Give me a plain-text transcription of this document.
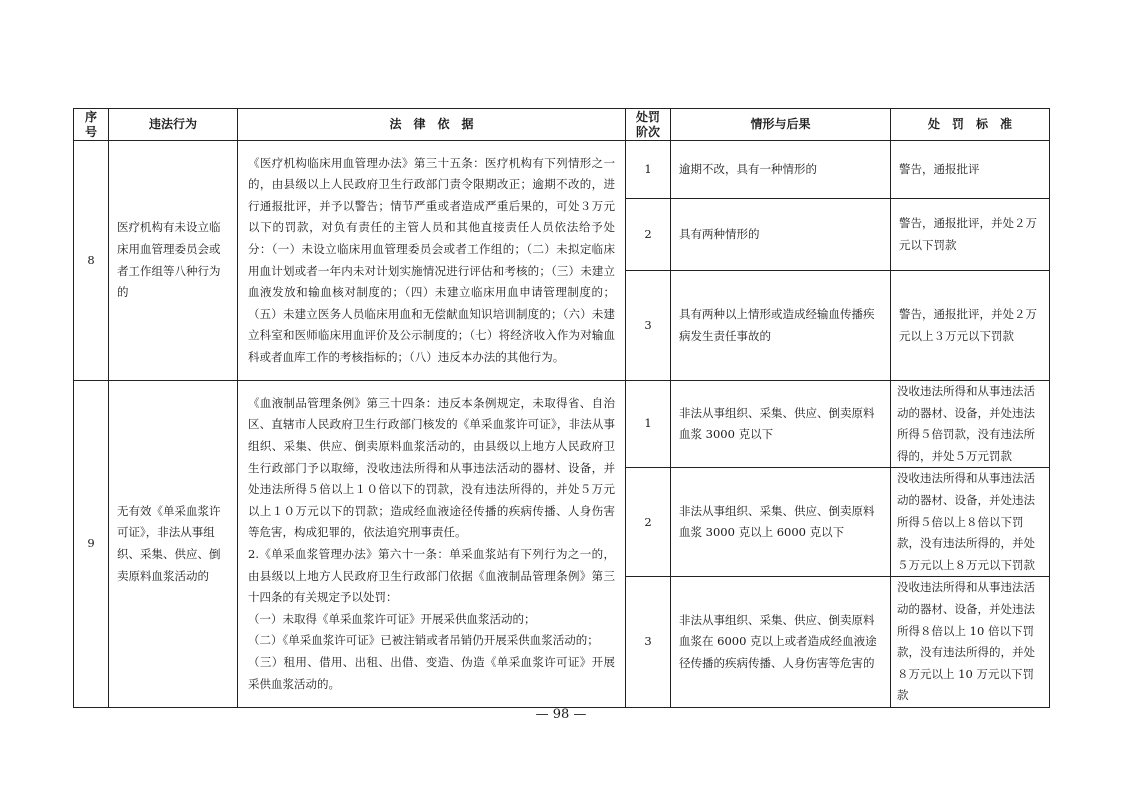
序号	违法行为	法　律　依　据	处罚阶次	情形与后果	处　罚　标　准
8	医疗机构有未设立临床用血管理委员会或者工作组等八种行为的	《医疗机构临床用血管理办法》第三十五条：医疗机构有下列情形之一的，由县级以上人民政府卫生行政部门责令限期改正；逾期不改的，进行通报批评，并予以警告；情节严重或者造成严重后果的，可处３万元以下的罚款，对负有责任的主管人员和其他直接责任人员依法给予处分：（一）未设立临床用血管理委员会或者工作组的；（二）未拟定临床用血计划或者一年内未对计划实施情况进行评估和考核的；（三）未建立血液发放和输血核对制度的；（四）未建立临床用血申请管理制度的；（五）未建立医务人员临床用血和无偿献血知识培训制度的；（六）未建立科室和医师临床用血评价及公示制度的；（七）将经济收入作为对输血科或者血库工作的考核指标的；（八）违反本办法的其他行为。	1	逾期不改，具有一种情形的	警告，通报批评
			2	具有两种情形的	警告，通报批评，并处２万元以下罚款
			3	具有两种以上情形或造成经输血传播疾病发生责任事故的	警告，通报批评，并处２万元以上３万元以下罚款
9	无有效《单采血浆许可证》，非法从事组织、采集、供应、倒卖原料血浆活动的	《血液制品管理条例》第三十四条：违反本条例规定，未取得省、自治区、直辖市人民政府卫生行政部门核发的《单采血浆许可证》，非法从事组织、采集、供应、倒卖原料血浆活动的，由县级以上地方人民政府卫生行政部门予以取缔，没收违法所得和从事违法活动的器材、设备，并处违法所得５倍以上１０倍以下的罚款，没有违法所得的，并处５万元以上１０万元以下的罚款；造成经血液途径传播的疾病传播、人身伤害等危害，构成犯罪的，依法追究刑事责任。
2.《单采血浆管理办法》第六十一条：单采血浆站有下列行为之一的，由县级以上地方人民政府卫生行政部门依据《血液制品管理条例》第三十四条的有关规定予以处罚：
（一）未取得《单采血浆许可证》开展采供血浆活动的；
（二）《单采血浆许可证》已被注销或者吊销仍开展采供血浆活动的；
（三）租用、借用、出租、出借、变造、伪造《单采血浆许可证》开展采供血浆活动的。	1	非法从事组织、采集、供应、倒卖原料血浆 3000 克以下	没收违法所得和从事违法活动的器材、设备，并处违法所得５倍罚款，没有违法所得的，并处５万元罚款
			2	非法从事组织、采集、供应、倒卖原料血浆 3000 克以上 6000 克以下	没收违法所得和从事违法活动的器材、设备，并处违法所得５倍以上８倍以下罚款，没有违法所得的，并处５万元以上８万元以下罚款
			3	非法从事组织、采集、供应、倒卖原料血浆在 6000 克以上或者造成经血液途径传播的疾病传播、人身伤害等危害的	没收违法所得和从事违法活动的器材、设备，并处违法所得８倍以上 10 倍以下罚款，没有违法所得的，并处８万元以上 10 万元以下罚款
— 98 —
